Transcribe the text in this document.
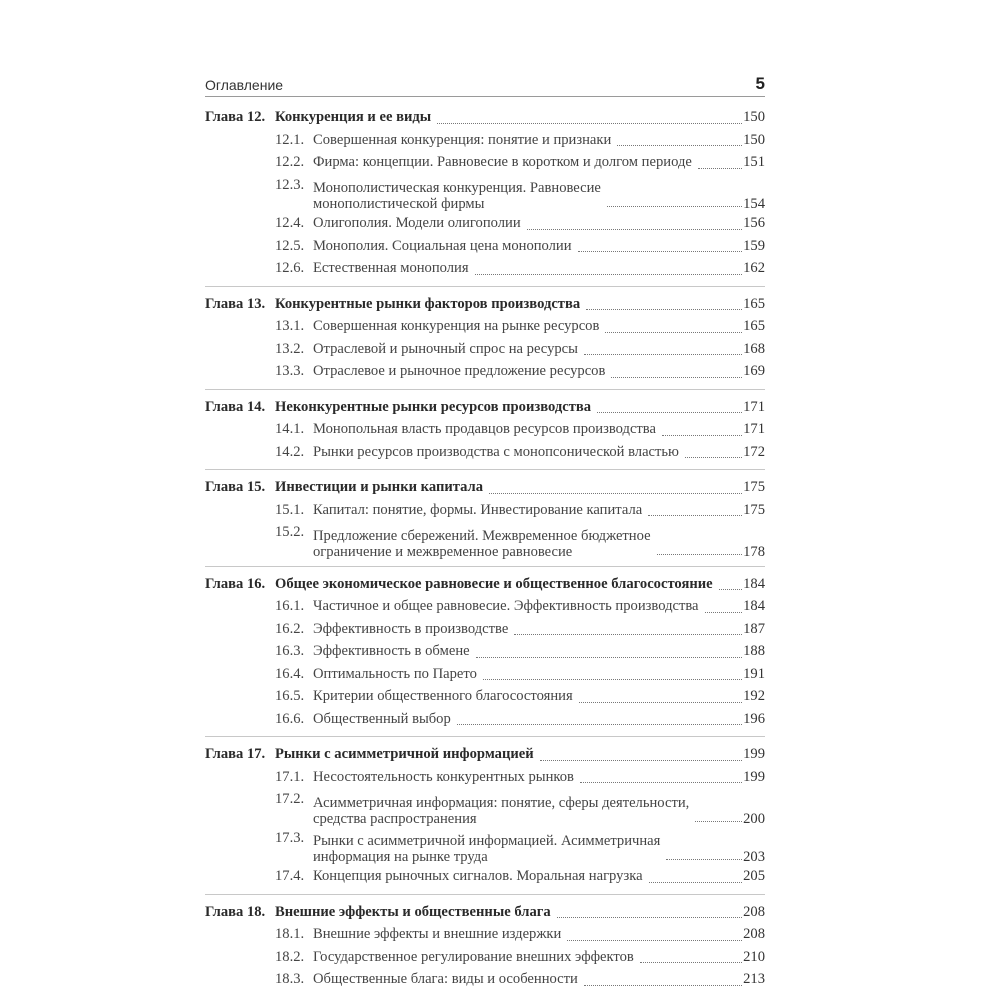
Оглавление	5
Глава 12. Конкуренция и ее виды	150
12.1. Совершенная конкуренция: понятие и признаки	150
12.2. Фирма: концепции. Равновесие в коротком и долгом периоде	151
12.3. Монополистическая конкуренция. Равновесие
монополистической фирмы	154
12.4. Олигополия. Модели олигополии	156
12.5. Монополия. Социальная цена монополии	159
12.6. Естественная монополия	162
Глава 13. Конкурентные рынки факторов производства	165
13.1. Совершенная конкуренция на рынке ресурсов	165
13.2. Отраслевой и рыночный спрос на ресурсы	168
13.3. Отраслевое и рыночное предложение ресурсов	169
Глава 14. Неконкурентные рынки ресурсов производства	171
14.1. Монопольная власть продавцов ресурсов производства	171
14.2. Рынки ресурсов производства с монопсонической властью	172
Глава 15. Инвестиции и рынки капитала	175
15.1. Капитал: понятие, формы. Инвестирование капитала	175
15.2. Предложение сбережений. Межвременное бюджетное
ограничение и межвременное равновесие	178
Глава 16. Общее экономическое равновесие и общественное благосостояние 184
16.1. Частичное и общее равновесие. Эффективность производства	184
16.2. Эффективность в производстве	187
16.3. Эффективность в обмене	188
16.4. Оптимальность по Парето	191
16.5. Критерии общественного благосостояния	192
16.6. Общественный выбор	196
Глава 17. Рынки с асимметричной информацией	199
17.1. Несостоятельность конкурентных рынков	199
17.2. Асимметричная информация: понятие, сферы деятельности,
средства распространения	200
17.3. Рынки с асимметричной информацией. Асимметричная
информация на рынке труда	203
17.4. Концепция рыночных сигналов. Моральная нагрузка	205
Глава 18. Внешние эффекты и общественные блага	208
18.1. Внешние эффекты и внешние издержки	208
18.2. Государственное регулирование внешних эффектов	210
18.3. Общественные блага: виды и особенности	213
